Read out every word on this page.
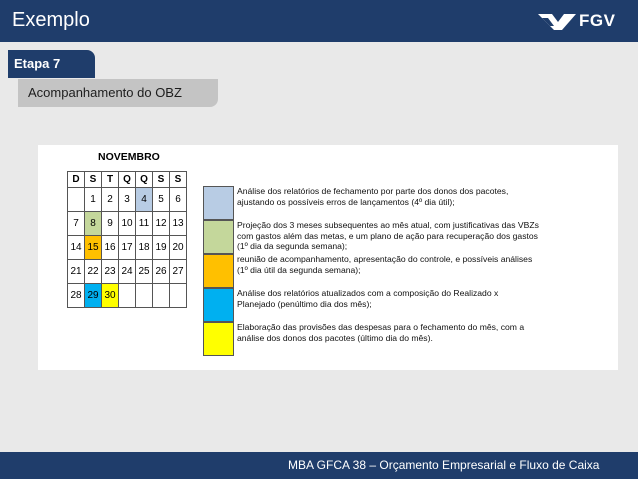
Exemplo	FGV
Etapa 7
Acompanhamento do OBZ
NOVEMBRO
D	S	T	Q	Q	S	S
	1	2	3	4	5	6
7	8	9	10	11	12	13
14	15	16	17	18	19	20
21	22	23	24	25	26	27
28	29	30				
Análise dos relatórios de fechamento por parte dos donos dos pacotes,
ajustando os possíveis erros de lançamentos (4º dia útil);
Projeção dos 3 meses subsequentes ao mês atual, com justificativas das VBZs
com gastos além das metas, e um plano de ação para recuperação dos gastos
(1º dia da segunda semana);
reunião de acompanhamento, apresentação do controle, e possíveis análises
(1º dia útil da segunda semana);
Análise dos relatórios atualizados com a composição do Realizado x
Planejado (penúltimo dia dos mês);
Elaboração das provisões das despesas para o fechamento do mês, com a
análise dos donos dos pacotes (último dia do mês).
MBA GFCA 38 – Orçamento Empresarial e Fluxo de Caixa
